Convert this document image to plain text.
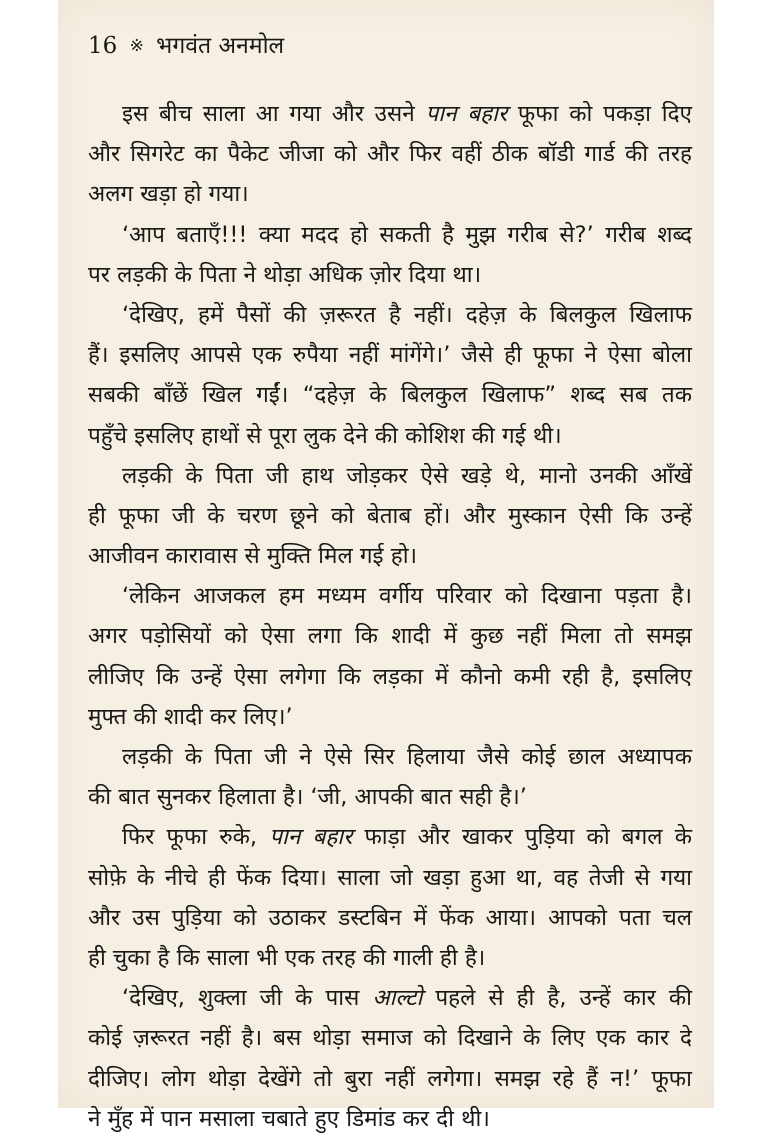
16 ※ भगवंत अनमोल
इस बीच साला आ गया और उसने पान बहार फूफा को पकड़ा दिए
और सिगरेट का पैकेट जीजा को और फिर वहीं ठीक बॉडी गार्ड की तरह
अलग खड़ा हो गया।
‘आप बताएँ!!! क्या मदद हो सकती है मुझ गरीब से?’ गरीब शब्द
पर लड़की के पिता ने थोड़ा अधिक ज़ोर दिया था।
‘देखिए, हमें पैसों की ज़रूरत है नहीं। दहेज़ के बिलकुल खिलाफ
हैं। इसलिए आपसे एक रुपैया नहीं मांगेंगे।’ जैसे ही फूफा ने ऐसा बोला
सबकी बाँछें खिल गईं। “दहेज़ के बिलकुल खिलाफ” शब्द सब तक
पहुँचे इसलिए हाथों से पूरा लुक देने की कोशिश की गई थी।
लड़की के पिता जी हाथ जोड़कर ऐसे खड़े थे, मानो उनकी आँखें
ही फूफा जी के चरण छूने को बेताब हों। और मुस्कान ऐसी कि उन्हें
आजीवन कारावास से मुक्ति मिल गई हो।
‘लेकिन आजकल हम मध्यम वर्गीय परिवार को दिखाना पड़ता है।
अगर पड़ोसियों को ऐसा लगा कि शादी में कुछ नहीं मिला तो समझ
लीजिए कि उन्हें ऐसा लगेगा कि लड़का में कौनो कमी रही है, इसलिए
मुफ्त की शादी कर लिए।’
लड़की के पिता जी ने ऐसे सिर हिलाया जैसे कोई छाल अध्यापक
की बात सुनकर हिलाता है। ‘जी, आपकी बात सही है।’
फिर फूफा रुके, पान बहार फाड़ा और खाकर पुड़िया को बगल के
सोफ़े के नीचे ही फेंक दिया। साला जो खड़ा हुआ था, वह तेजी से गया
और उस पुड़िया को उठाकर डस्टबिन में फेंक आया। आपको पता चल
ही चुका है कि साला भी एक तरह की गाली ही है।
‘देखिए, शुक्ला जी के पास आल्टो पहले से ही है, उन्हें कार की
कोई ज़रूरत नहीं है। बस थोड़ा समाज को दिखाने के लिए एक कार दे
दीजिए। लोग थोड़ा देखेंगे तो बुरा नहीं लगेगा। समझ रहे हैं न!’ फूफा
ने मुँह में पान मसाला चबाते हुए डिमांड कर दी थी।
